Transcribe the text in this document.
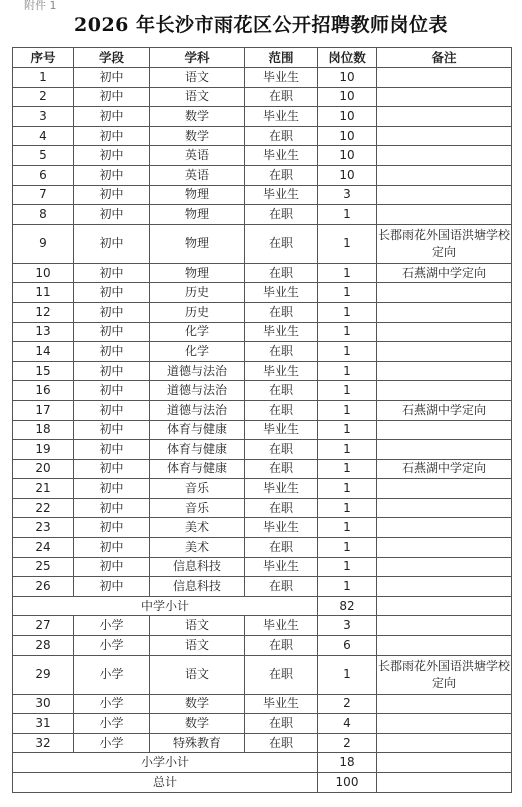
附件 1
2026 年长沙市雨花区公开招聘教师岗位表
序号	学段	学科	范围	岗位数	备注
1	初中	语文	毕业生	10	
2	初中	语文	在职	10	
3	初中	数学	毕业生	10	
4	初中	数学	在职	10	
5	初中	英语	毕业生	10	
6	初中	英语	在职	10	
7	初中	物理	毕业生	3	
8	初中	物理	在职	1	
9	初中	物理	在职	1	长郡雨花外国语洪塘学校定向
10	初中	物理	在职	1	石燕湖中学定向
11	初中	历史	毕业生	1	
12	初中	历史	在职	1	
13	初中	化学	毕业生	1	
14	初中	化学	在职	1	
15	初中	道德与法治	毕业生	1	
16	初中	道德与法治	在职	1	
17	初中	道德与法治	在职	1	石燕湖中学定向
18	初中	体育与健康	毕业生	1	
19	初中	体育与健康	在职	1	
20	初中	体育与健康	在职	1	石燕湖中学定向
21	初中	音乐	毕业生	1	
22	初中	音乐	在职	1	
23	初中	美术	毕业生	1	
24	初中	美术	在职	1	
25	初中	信息科技	毕业生	1	
26	初中	信息科技	在职	1	
中学小计				82	
27	小学	语文	毕业生	3	
28	小学	语文	在职	6	
29	小学	语文	在职	1	长郡雨花外国语洪塘学校定向
30	小学	数学	毕业生	2	
31	小学	数学	在职	4	
32	小学	特殊教育	在职	2	
小学小计				18	
总计				100	
